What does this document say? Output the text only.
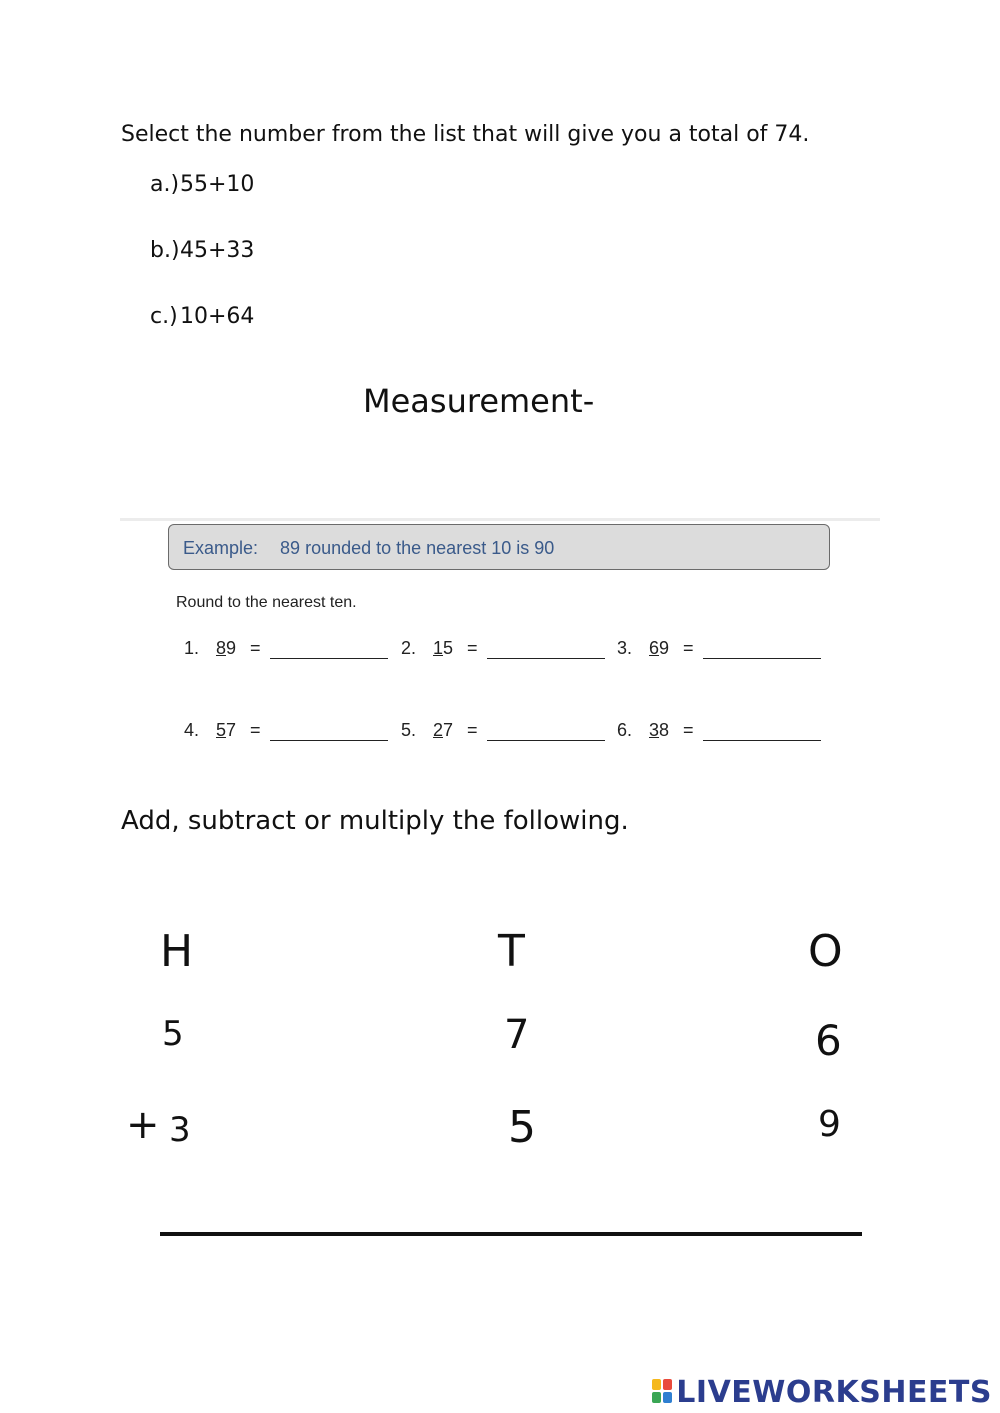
Select the number from the list that will give you a total of 74.
a.)55+10
b.)45+33
c.) 10+64
Measurement-
Example: 89 rounded to the nearest 10 is 90
Round to the nearest ten.
1. 89 =	2. 15 =	3. 69 =
4. 57 =	5. 27 =	6. 38 =
Add, subtract or multiply the following.
H	T	O
5	7	6
+ 3	5	9
LIVEWORKSHEETS
